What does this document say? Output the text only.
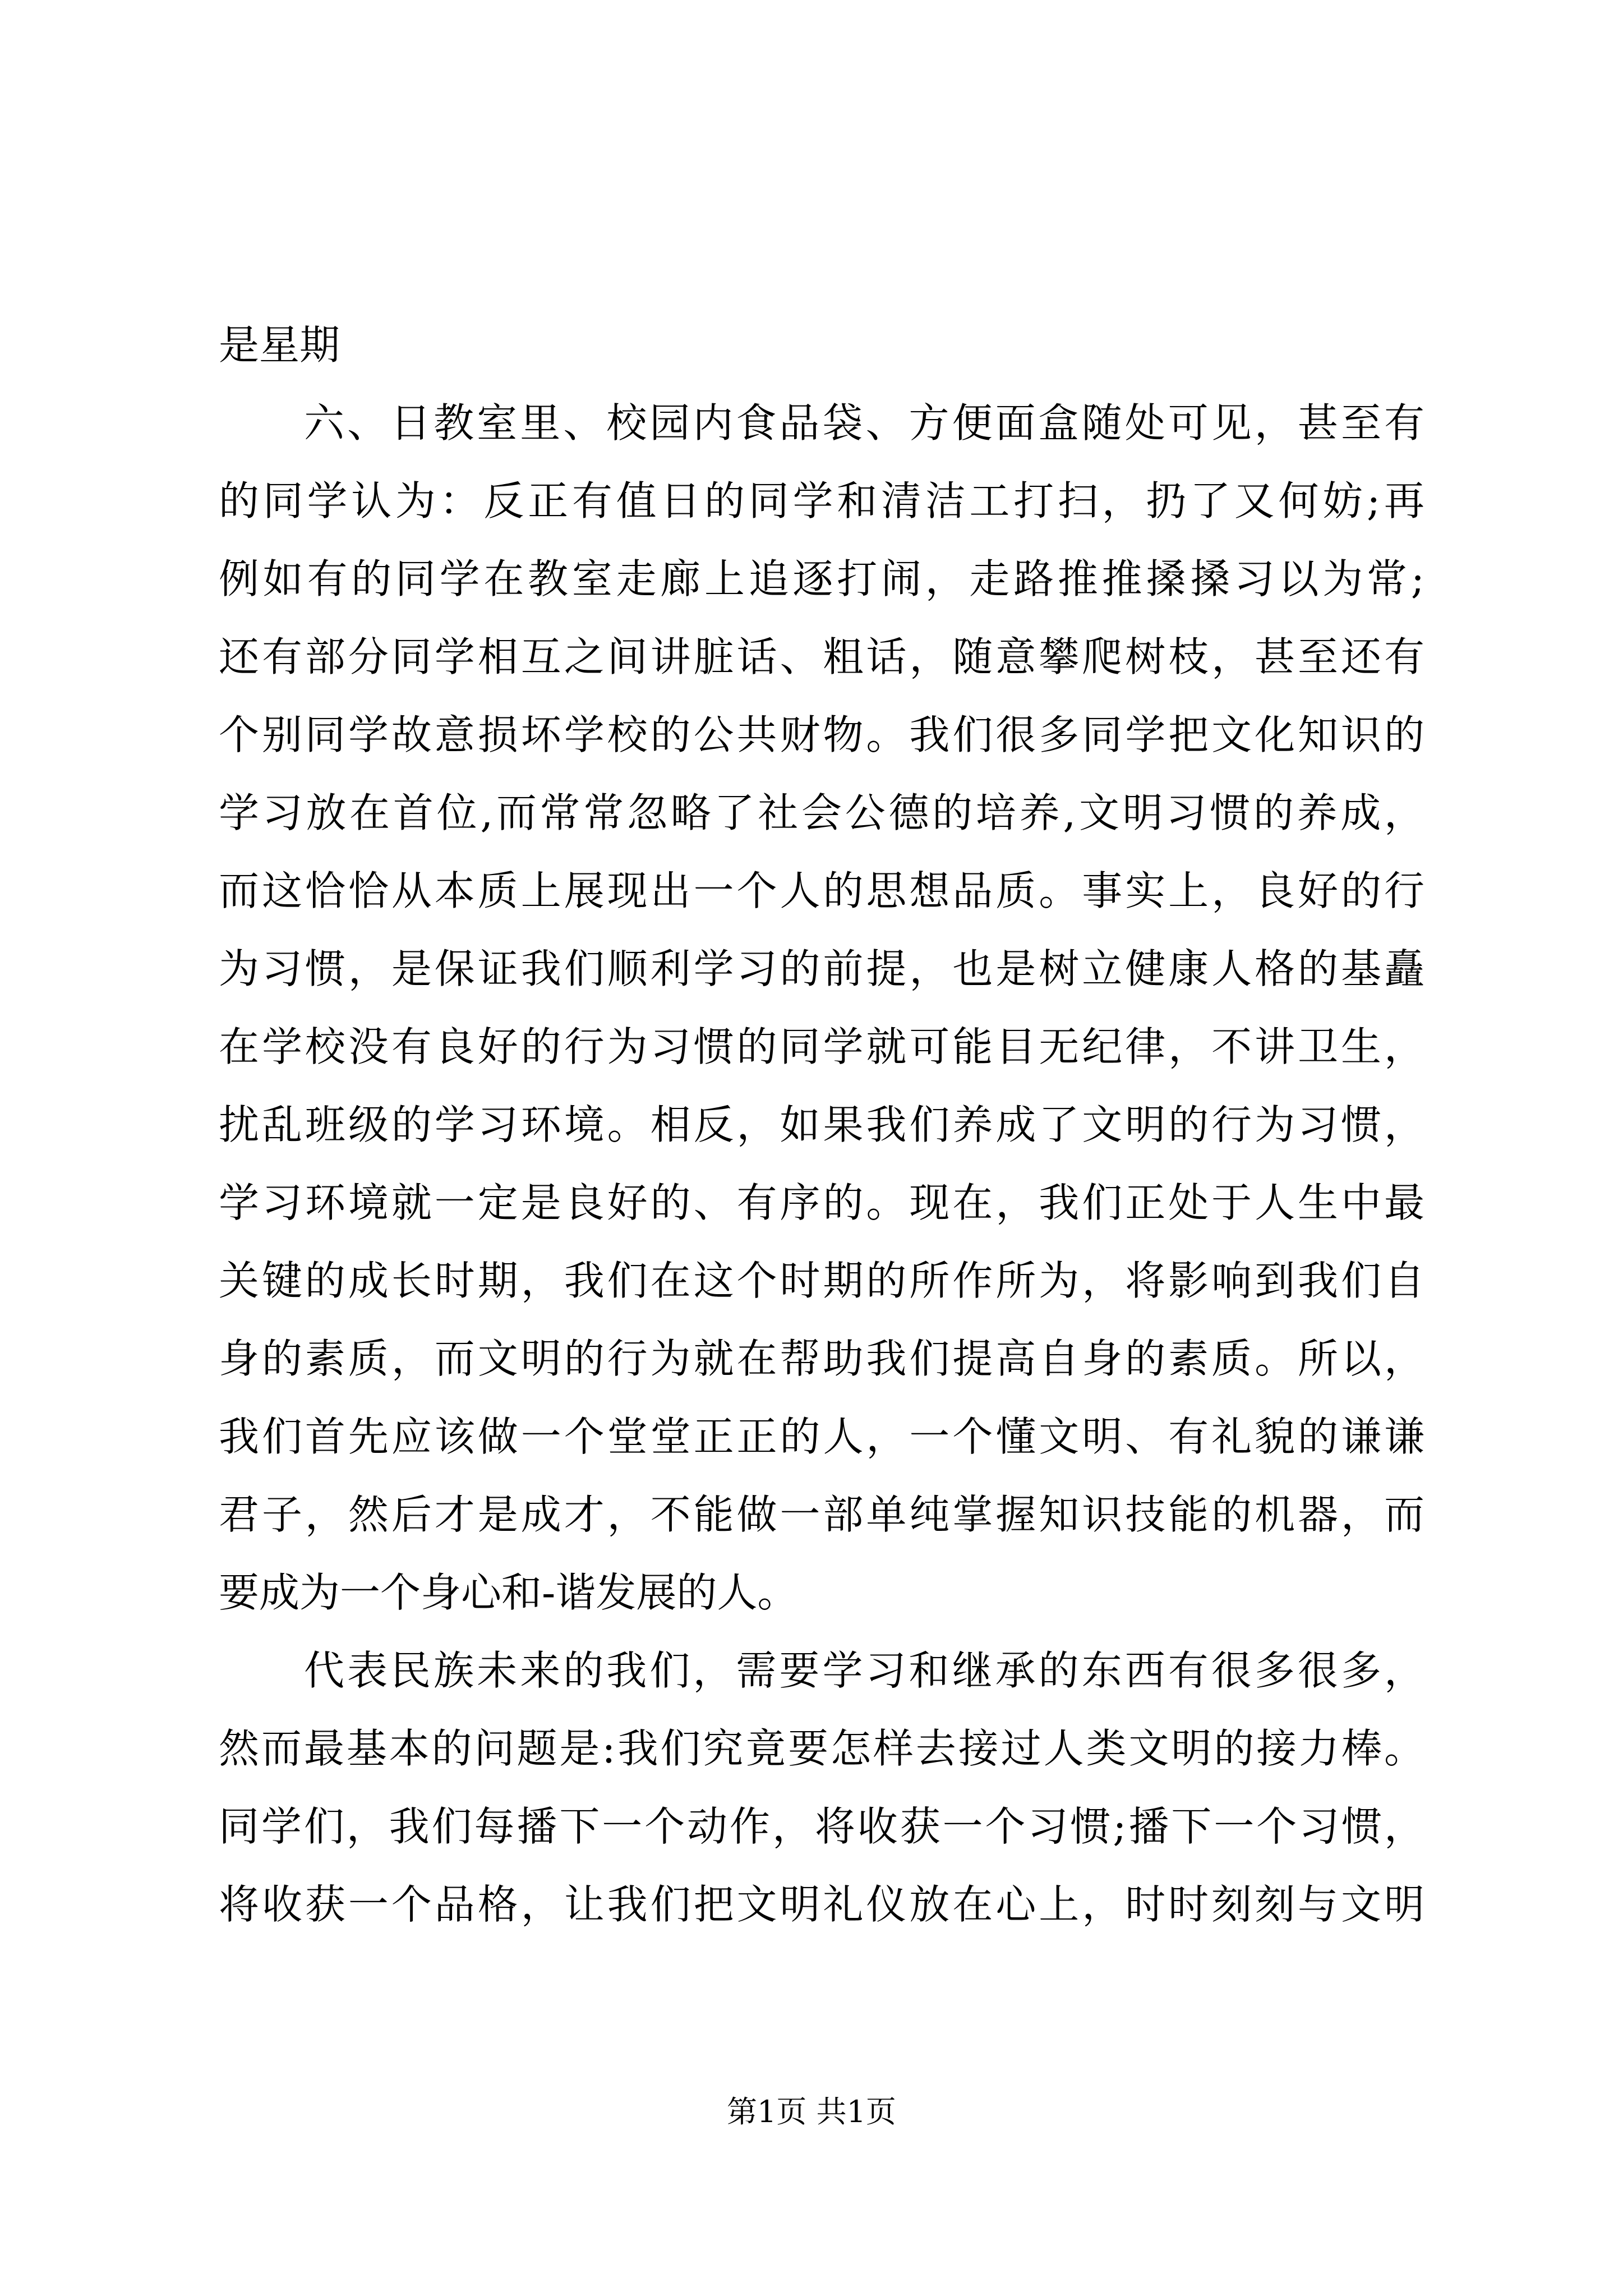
是星期
六、日教室里、校园内食品袋、方便面盒随处可见，甚至有
的同学认为：反正有值日的同学和清洁工打扫，扔了又何妨;再
例如有的同学在教室走廊上追逐打闹，走路推推搡搡习以为常;
还有部分同学相互之间讲脏话、粗话，随意攀爬树枝，甚至还有
个别同学故意损坏学校的公共财物。我们很多同学把文化知识的
学习放在首位,而常常忽略了社会公德的培养,文明习惯的养成，
而这恰恰从本质上展现出一个人的思想品质。事实上，良好的行
为习惯，是保证我们顺利学习的前提，也是树立健康人格的基矗
在学校没有良好的行为习惯的同学就可能目无纪律，不讲卫生，
扰乱班级的学习环境。相反，如果我们养成了文明的行为习惯，
学习环境就一定是良好的、有序的。现在，我们正处于人生中最
关键的成长时期，我们在这个时期的所作所为，将影响到我们自
身的素质，而文明的行为就在帮助我们提高自身的素质。所以，
我们首先应该做一个堂堂正正的人，一个懂文明、有礼貌的谦谦
君子，然后才是成才，不能做一部单纯掌握知识技能的机器，而
要成为一个身心和-谐发展的人。
代表民族未来的我们，需要学习和继承的东西有很多很多，
然而最基本的问题是:我们究竟要怎样去接过人类文明的接力棒。
同学们，我们每播下一个动作，将收获一个习惯;播下一个习惯，
将收获一个品格，让我们把文明礼仪放在心上，时时刻刻与文明
第1页 共1页
